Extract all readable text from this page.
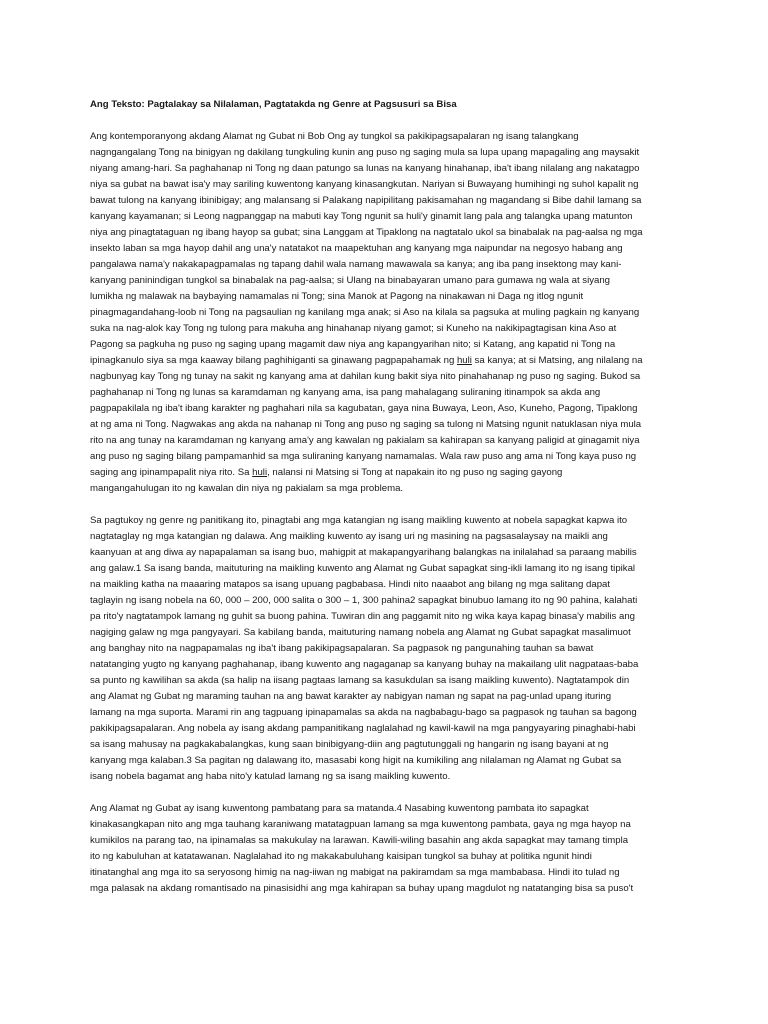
Ang Teksto: Pagtalakay sa Nilalaman, Pagtatakda ng Genre at Pagsusuri sa Bisa
Ang kontemporanyong akdang Alamat ng Gubat ni Bob Ong ay tungkol sa pakikipagsapalaran ng isang talangkang
nagngangalang Tong na binigyan ng dakilang tungkuling kunin ang puso ng saging mula sa lupa upang mapagaling ang maysakit
niyang amang-hari. Sa paghahanap ni Tong ng daan patungo sa lunas na kanyang hinahanap, iba't ibang nilalang ang nakatagpo
niya sa gubat na bawat isa'y may sariling kuwentong kanyang kinasangkutan. Nariyan si Buwayang humihingi ng suhol kapalit ng
bawat tulong na kanyang ibinibigay; ang malansang si Palakang napipilitang pakisamahan ng magandang si Bibe dahil lamang sa
kanyang kayamanan; si Leong nagpanggap na mabuti kay Tong ngunit sa huli'y ginamit lang pala ang talangka upang matunton
niya ang pinagtataguan ng ibang hayop sa gubat; sina Langgam at Tipaklong na nagtatalo ukol sa binabalak na pag-aalsa ng mga
insekto laban sa mga hayop dahil ang una'y natatakot na maapektuhan ang kanyang mga naipundar na negosyo habang ang
pangalawa nama'y nakakapagpamalas ng tapang dahil wala namang mawawala sa kanya; ang iba pang insektong may kani-
kanyang paninindigan tungkol sa binabalak na pag-aalsa; si Ulang na binabayaran umano para gumawa ng wala at siyang
lumikha ng malawak na baybaying namamalas ni Tong; sina Manok at Pagong na ninakawan ni Daga ng itlog ngunit
pinagmagandahang-loob ni Tong na pagsaulian ng kanilang mga anak; si Aso na kilala sa pagsuka at muling pagkain ng kanyang
suka na nag-alok kay Tong ng tulong para makuha ang hinahanap niyang gamot; si Kuneho na nakikipagtagisan kina Aso at
Pagong sa pagkuha ng puso ng saging upang magamit daw niya ang kapangyarihan nito; si Katang, ang kapatid ni Tong na
ipinagkanulo siya sa mga kaaway bilang paghihiganti sa ginawang pagpapahamak ng huli sa kanya; at si Matsing, ang nilalang na
nagbunyag kay Tong ng tunay na sakit ng kanyang ama at dahilan kung bakit siya nito pinahahanap ng puso ng saging. Bukod sa
paghahanap ni Tong ng lunas sa karamdaman ng kanyang ama, isa pang mahalagang suliraning itinampok sa akda ang
pagpapakilala ng iba't ibang karakter ng paghahari nila sa kagubatan, gaya nina Buwaya, Leon, Aso, Kuneho, Pagong, Tipaklong
at ng ama ni Tong. Nagwakas ang akda na nahanap ni Tong ang puso ng saging sa tulong ni Matsing ngunit natuklasan niya mula
rito na ang tunay na karamdaman ng kanyang ama'y ang kawalan ng pakialam sa kahirapan sa kanyang paligid at ginagamit niya
ang puso ng saging bilang pampamanhid sa mga suliraning kanyang namamalas. Wala raw puso ang ama ni Tong kaya puso ng
saging ang ipinampapalit niya rito. Sa huli, nalansi ni Matsing si Tong at napakain ito ng puso ng saging gayong
mangangahulugan ito ng kawalan din niya ng pakialam sa mga problema.
Sa pagtukoy ng genre ng panitikang ito, pinagtabi ang mga katangian ng isang maikling kuwento at nobela sapagkat kapwa ito
nagtataglay ng mga katangian ng dalawa. Ang maikling kuwento ay isang uri ng masining na pagsasalaysay na maikli ang
kaanyuan at ang diwa ay napapalaman sa isang buo, mahigpit at makapangyarihang balangkas na inilalahad sa paraang mabilis
ang galaw.1 Sa isang banda, maituturing na maikling kuwento ang Alamat ng Gubat sapagkat sing-ikli lamang ito ng isang tipikal
na maikling katha na maaaring matapos sa isang upuang pagbabasa. Hindi nito naaabot ang bilang ng mga salitang dapat
taglayin ng isang nobela na 60, 000 – 200, 000 salita o 300 – 1, 300 pahina2 sapagkat binubuo lamang ito ng 90 pahina, kalahati
pa rito'y nagtatampok lamang ng guhit sa buong pahina. Tuwiran din ang paggamit nito ng wika kaya kapag binasa'y mabilis ang
nagiging galaw ng mga pangyayari. Sa kabilang banda, maituturing namang nobela ang Alamat ng Gubat sapagkat masalimuot
ang banghay nito na nagpapamalas ng iba't ibang pakikipagsapalaran. Sa pagpasok ng pangunahing tauhan sa bawat
natatanging yugto ng kanyang paghahanap, ibang kuwento ang nagaganap sa kanyang buhay na makailang ulit nagpataas-baba
sa punto ng kawilihan sa akda (sa halip na iisang pagtaas lamang sa kasukdulan sa isang maikling kuwento). Nagtatampok din
ang Alamat ng Gubat ng maraming tauhan na ang bawat karakter ay nabigyan naman ng sapat na pag-unlad upang ituring
lamang na mga suporta. Marami rin ang tagpuang ipinapamalas sa akda na nagbabagu-bago sa pagpasok ng tauhan sa bagong
pakikipagsapalaran. Ang nobela ay isang akdang pampanitikang naglalahad ng kawil-kawil na mga pangyayaring pinaghabi-habi
sa isang mahusay na pagkakabalangkas, kung saan binibigyang-diin ang pagtutunggali ng hangarin ng isang bayani at ng
kanyang mga kalaban.3 Sa pagitan ng dalawang ito, masasabi kong higit na kumikiling ang nilalaman ng Alamat ng Gubat sa
isang nobela bagamat ang haba nito'y katulad lamang ng sa isang maikling kuwento.
Ang Alamat ng Gubat ay isang kuwentong pambatang para sa matanda.4 Nasabing kuwentong pambata ito sapagkat
kinakasangkapan nito ang mga tauhang karaniwang matatagpuan lamang sa mga kuwentong pambata, gaya ng mga hayop na
kumikilos na parang tao, na ipinamalas sa makukulay na larawan. Kawili-wiling basahin ang akda sapagkat may tamang timpla
ito ng kabuluhan at katatawanan. Naglalahad ito ng makakabuluhang kaisipan tungkol sa buhay at politika ngunit hindi
itinatanghal ang mga ito sa seryosong himig na nag-iiwan ng mabigat na pakiramdam sa mga mambabasa. Hindi ito tulad ng
mga palasak na akdang romantisado na pinasisidhi ang mga kahirapan sa buhay upang magdulot ng natatanging bisa sa puso't
